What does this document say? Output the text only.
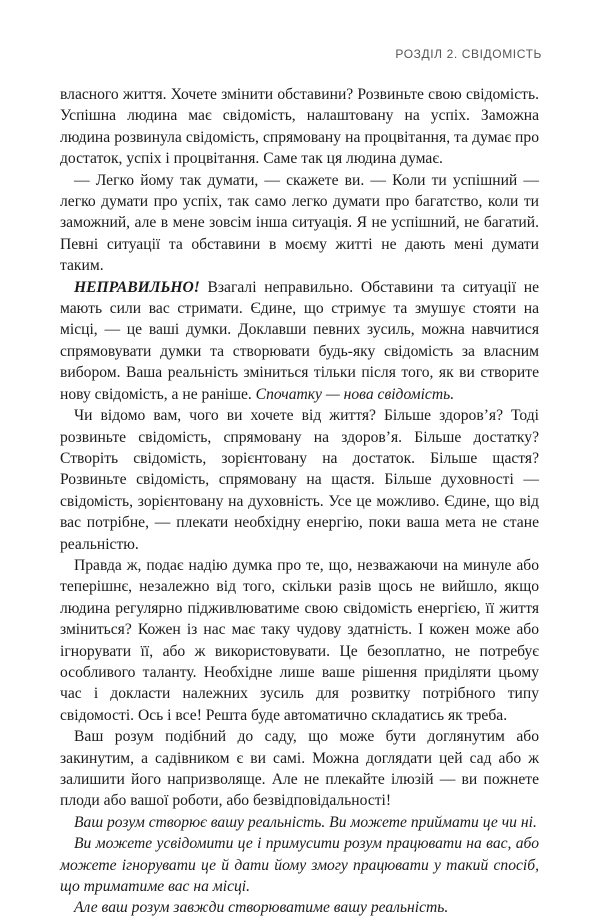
РОЗДІЛ 2. СВІДОМІСТЬ

власного життя. Хочете змінити обставини? Розвиньте свою свідомість. Успішна людина має свідомість, налаштовану на успіх. Заможна людина розвинула свідомість, спрямовану на процвітання, та думає про достаток, успіх і процвітання. Саме так ця людина думає.

— Легко йому так думати, — скажете ви. — Коли ти успішний — легко думати про успіх, так само легко думати про багатство, коли ти заможний, але в мене зовсім інша ситуація. Я не успішний, не багатий. Певні ситуації та обставини в моєму житті не дають мені думати таким.

НЕПРАВИЛЬНО! Взагалі неправильно. Обставини та ситуації не мають сили вас стримати. Єдине, що стримує та змушує стояти на місці, — це ваші думки. Доклавши певних зусиль, можна навчитися спрямовувати думки та створювати будь-яку свідомість за власним вибором. Ваша реальність зміниться тільки після того, як ви створите нову свідомість, а не раніше. Спочатку — нова свідомість.

Чи відомо вам, чого ви хочете від життя? Більше здоров’я? Тоді розвиньте свідомість, спрямовану на здоров’я. Більше достатку? Створіть свідомість, зорієнтовану на достаток. Більше щастя? Розвиньте свідомість, спрямовану на щастя. Більше духовності — свідомість, зорієнтовану на духовність. Усе це можливо. Єдине, що від вас потрібне, — плекати необхідну енергію, поки ваша мета не стане реальністю.

Правда ж, подає надію думка про те, що, незважаючи на минуле або теперішнє, незалежно від того, скільки разів щось не вийшло, якщо людина регулярно підживлюватиме свою свідомість енергією, її життя зміниться? Кожен із нас має таку чудову здатність. І кожен може або ігнорувати її, або ж використовувати. Це безоплатно, не потребує особливого таланту. Необхідне лише ваше рішення приділяти цьому час і докласти належних зусиль для розвитку потрібного типу свідомості. Ось і все! Решта буде автоматично складатись як треба.

Ваш розум подібний до саду, що може бути доглянутим або закинутим, а садівником є ви самі. Можна доглядати цей сад або ж залишити його напризволяще. Але не плекайте ілюзій — ви пожнете плоди або вашої роботи, або безвідповідальності!

Ваш розум створює вашу реальність. Ви можете приймати це чи ні.

Ви можете усвідомити це і примусити розум працювати на вас, або можете ігнорувати це й дати йому змогу працювати у такий спосіб, що триматиме вас на місці.

Але ваш розум завжди створюватиме вашу реальність.
